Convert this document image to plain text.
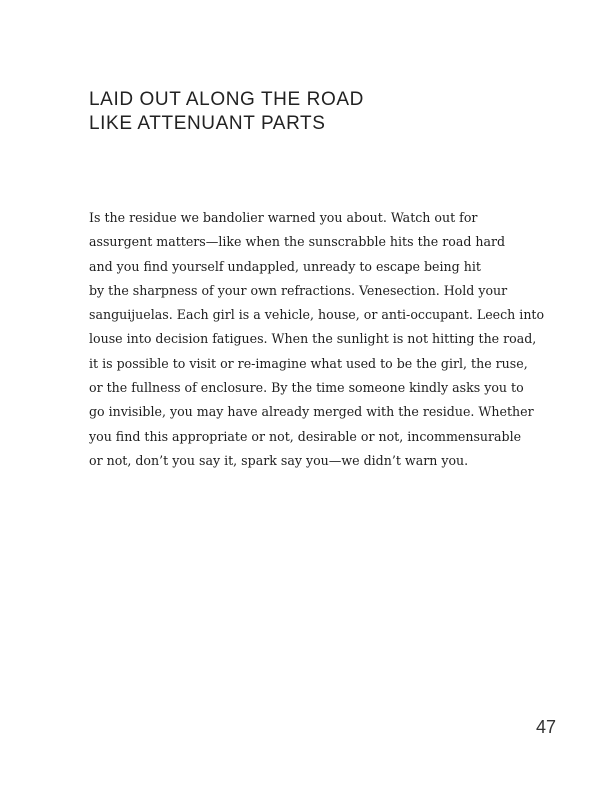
LAID OUT ALONG THE ROAD
LIKE ATTENUANT PARTS
Is the residue we bandolier warned you about. Watch out for
assurgent matters—like when the sunscrabble hits the road hard
and you find yourself undappled, unready to escape being hit
by the sharpness of your own refractions. Venesection. Hold your
sanguijuelas. Each girl is a vehicle, house, or anti-occupant. Leech into
louse into decision fatigues. When the sunlight is not hitting the road,
it is possible to visit or re-imagine what used to be the girl, the ruse,
or the fullness of enclosure. By the time someone kindly asks you to
go invisible, you may have already merged with the residue. Whether
you find this appropriate or not, desirable or not, incommensurable
or not, don’t you say it, spark say you—we didn’t warn you.
47
